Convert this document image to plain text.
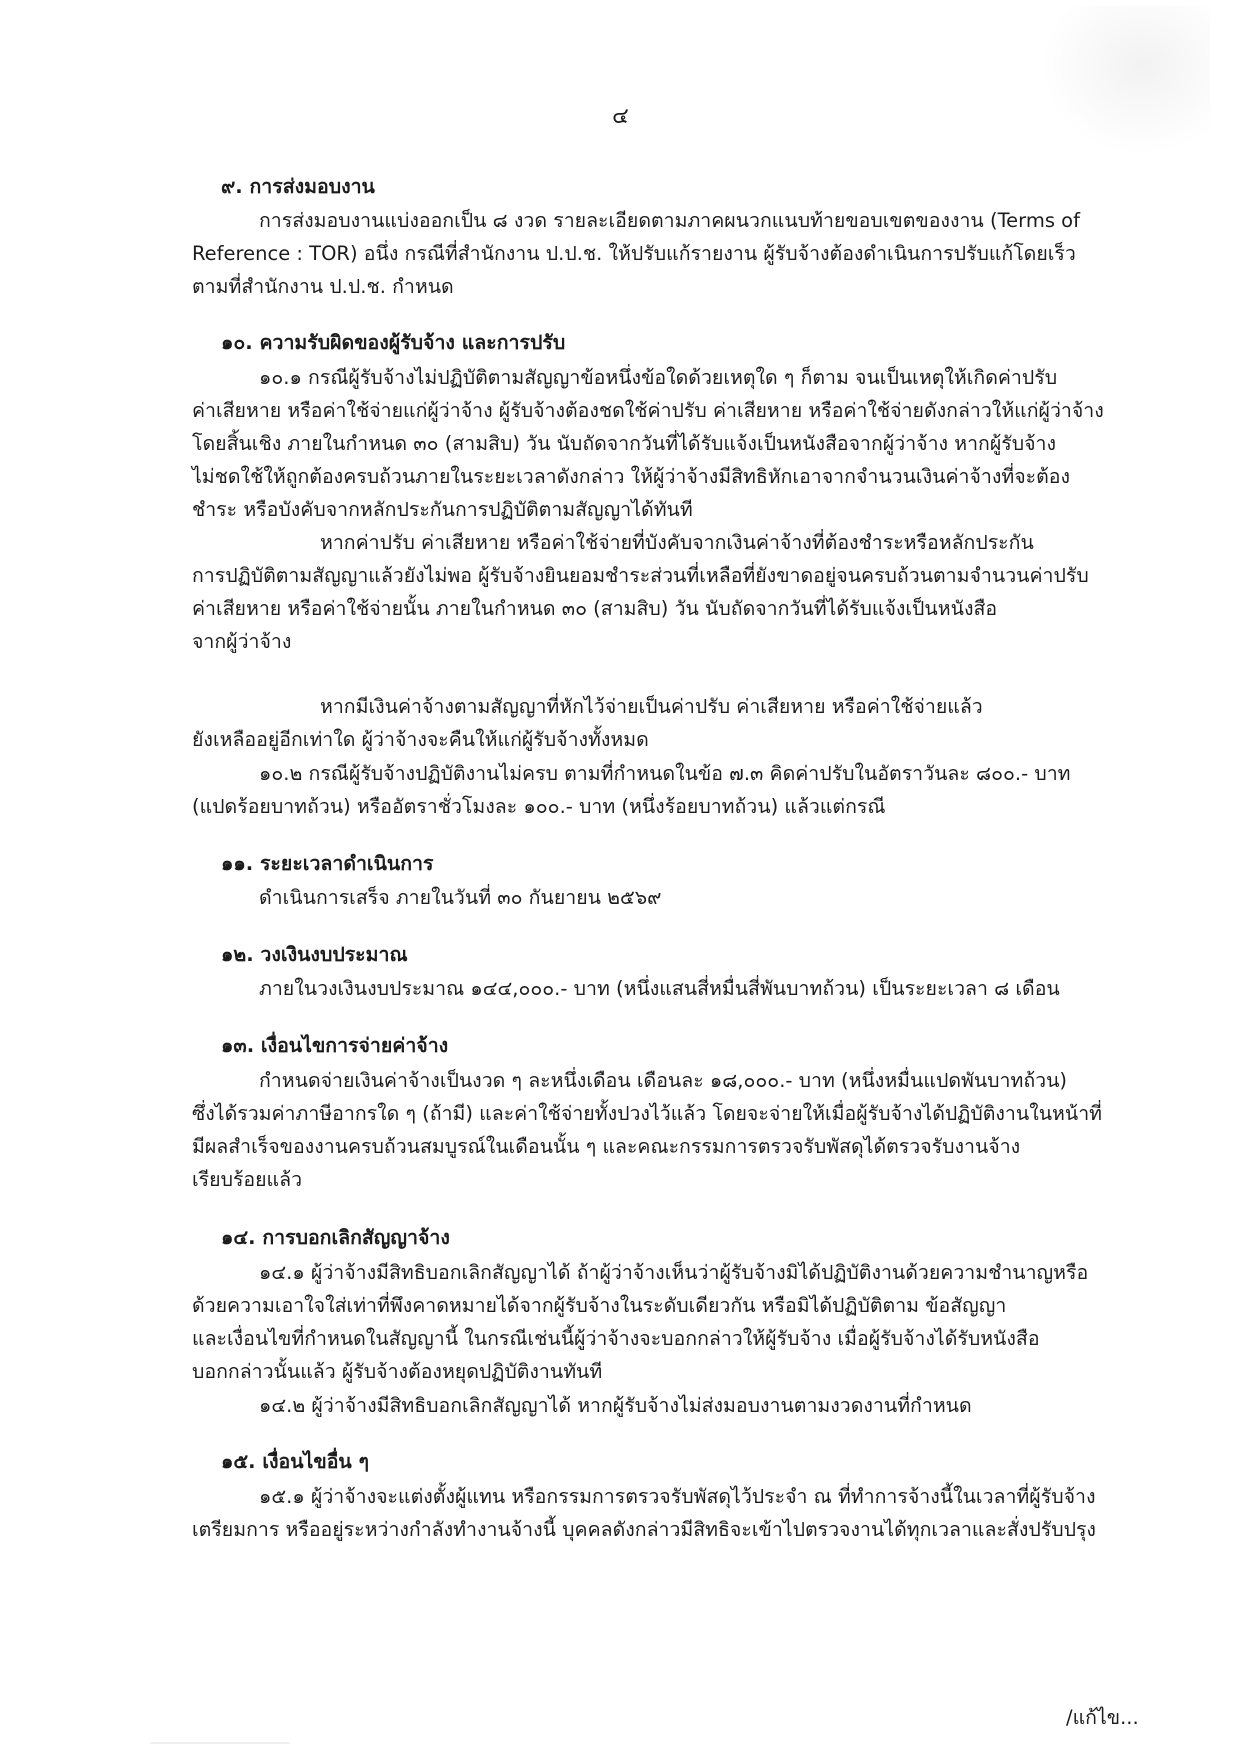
๔
๙. การส่งมอบงาน
การส่งมอบงานแบ่งออกเป็น ๘ งวด รายละเอียดตามภาคผนวกแนบท้ายขอบเขตของงาน (Terms of
Reference : TOR) อนึ่ง กรณีที่สำนักงาน ป.ป.ช. ให้ปรับแก้รายงาน ผู้รับจ้างต้องดำเนินการปรับแก้โดยเร็ว
ตามที่สำนักงาน ป.ป.ช. กำหนด
๑๐. ความรับผิดของผู้รับจ้าง และการปรับ
๑๐.๑ กรณีผู้รับจ้างไม่ปฏิบัติตามสัญญาข้อหนึ่งข้อใดด้วยเหตุใด ๆ ก็ตาม จนเป็นเหตุให้เกิดค่าปรับ
ค่าเสียหาย หรือค่าใช้จ่ายแก่ผู้ว่าจ้าง ผู้รับจ้างต้องชดใช้ค่าปรับ ค่าเสียหาย หรือค่าใช้จ่ายดังกล่าวให้แก่ผู้ว่าจ้าง
โดยสิ้นเชิง ภายในกำหนด ๓๐ (สามสิบ) วัน นับถัดจากวันที่ได้รับแจ้งเป็นหนังสือจากผู้ว่าจ้าง หากผู้รับจ้าง
ไม่ชดใช้ให้ถูกต้องครบถ้วนภายในระยะเวลาดังกล่าว ให้ผู้ว่าจ้างมีสิทธิหักเอาจากจำนวนเงินค่าจ้างที่จะต้อง
ชำระ หรือบังคับจากหลักประกันการปฏิบัติตามสัญญาได้ทันที
หากค่าปรับ ค่าเสียหาย หรือค่าใช้จ่ายที่บังคับจากเงินค่าจ้างที่ต้องชำระหรือหลักประกัน
การปฏิบัติตามสัญญาแล้วยังไม่พอ ผู้รับจ้างยินยอมชำระส่วนที่เหลือที่ยังขาดอยู่จนครบถ้วนตามจำนวนค่าปรับ
ค่าเสียหาย หรือค่าใช้จ่ายนั้น ภายในกำหนด ๓๐ (สามสิบ) วัน นับถัดจากวันที่ได้รับแจ้งเป็นหนังสือ
จากผู้ว่าจ้าง
หากมีเงินค่าจ้างตามสัญญาที่หักไว้จ่ายเป็นค่าปรับ ค่าเสียหาย หรือค่าใช้จ่ายแล้ว
ยังเหลืออยู่อีกเท่าใด ผู้ว่าจ้างจะคืนให้แก่ผู้รับจ้างทั้งหมด
๑๐.๒ กรณีผู้รับจ้างปฏิบัติงานไม่ครบ ตามที่กำหนดในข้อ ๗.๓ คิดค่าปรับในอัตราวันละ ๘๐๐.- บาท
(แปดร้อยบาทถ้วน) หรืออัตราชั่วโมงละ ๑๐๐.- บาท (หนึ่งร้อยบาทถ้วน) แล้วแต่กรณี
๑๑. ระยะเวลาดำเนินการ
ดำเนินการเสร็จ ภายในวันที่ ๓๐ กันยายน ๒๕๖๙
๑๒. วงเงินงบประมาณ
ภายในวงเงินงบประมาณ ๑๔๔,๐๐๐.- บาท (หนึ่งแสนสี่หมื่นสี่พันบาทถ้วน) เป็นระยะเวลา ๘ เดือน
๑๓. เงื่อนไขการจ่ายค่าจ้าง
กำหนดจ่ายเงินค่าจ้างเป็นงวด ๆ ละหนึ่งเดือน เดือนละ ๑๘,๐๐๐.- บาท (หนึ่งหมื่นแปดพันบาทถ้วน)
ซึ่งได้รวมค่าภาษีอากรใด ๆ (ถ้ามี) และค่าใช้จ่ายทั้งปวงไว้แล้ว โดยจะจ่ายให้เมื่อผู้รับจ้างได้ปฏิบัติงานในหน้าที่
มีผลสำเร็จของงานครบถ้วนสมบูรณ์ในเดือนนั้น ๆ และคณะกรรมการตรวจรับพัสดุได้ตรวจรับงานจ้าง
เรียบร้อยแล้ว
๑๔. การบอกเลิกสัญญาจ้าง
๑๔.๑ ผู้ว่าจ้างมีสิทธิบอกเลิกสัญญาได้ ถ้าผู้ว่าจ้างเห็นว่าผู้รับจ้างมิได้ปฏิบัติงานด้วยความชำนาญหรือ
ด้วยความเอาใจใส่เท่าที่พึงคาดหมายได้จากผู้รับจ้างในระดับเดียวกัน หรือมิได้ปฏิบัติตาม ข้อสัญญา
และเงื่อนไขที่กำหนดในสัญญานี้ ในกรณีเช่นนี้ผู้ว่าจ้างจะบอกกล่าวให้ผู้รับจ้าง เมื่อผู้รับจ้างได้รับหนังสือ
บอกกล่าวนั้นแล้ว ผู้รับจ้างต้องหยุดปฏิบัติงานทันที
๑๔.๒ ผู้ว่าจ้างมีสิทธิบอกเลิกสัญญาได้ หากผู้รับจ้างไม่ส่งมอบงานตามงวดงานที่กำหนด
๑๕. เงื่อนไขอื่น ๆ
๑๕.๑ ผู้ว่าจ้างจะแต่งตั้งผู้แทน หรือกรรมการตรวจรับพัสดุไว้ประจำ ณ ที่ทำการจ้างนี้ในเวลาที่ผู้รับจ้าง
เตรียมการ หรืออยู่ระหว่างกำลังทำงานจ้างนี้ บุคคลดังกล่าวมีสิทธิจะเข้าไปตรวจงานได้ทุกเวลาและสั่งปรับปรุง
/แก้ไข...
